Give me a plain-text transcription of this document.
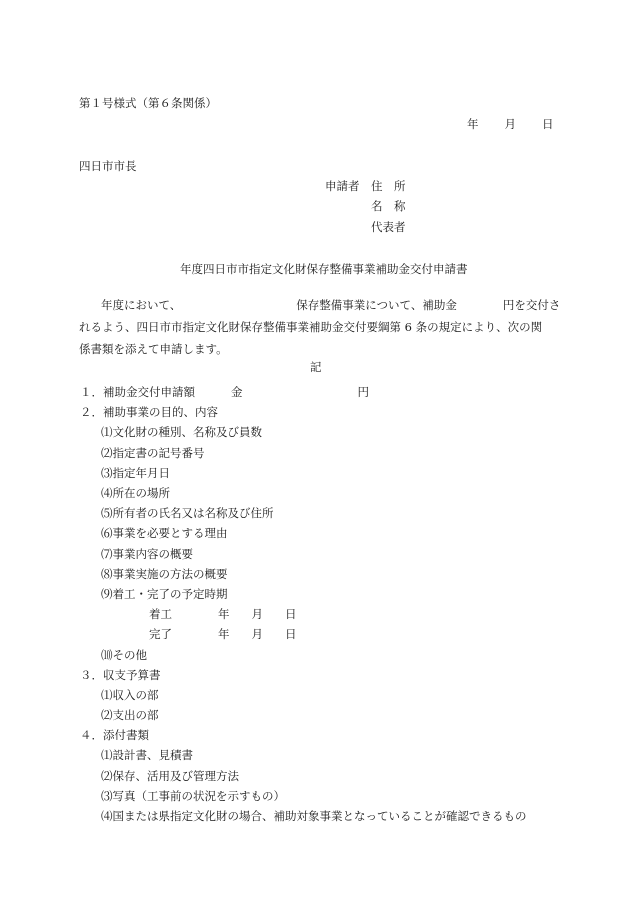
第１号様式（第６条関係）
年 月 日
四日市市長
申請者 住　所
名　称
代表者
年度四日市市指定文化財保存整備事業補助金交付申請書
年度において、	保存整備事業について、補助金	円を交付さ
れるよう、四日市市指定文化財保存整備事業補助金交付要綱第 6 条の規定により、次の関
係書類を添えて申請します。
記
１．補助金交付申請額	金	円
２．補助事業の目的、内容
⑴文化財の種別、名称及び員数
⑵指定書の記号番号
⑶指定年月日
⑷所在の場所
⑸所有者の氏名又は名称及び住所
⑹事業を必要とする理由
⑺事業内容の概要
⑻事業実施の方法の概要
⑼着工・完了の予定時期
着工	年 月 日
完了	年 月 日
⑽その他
３．収支予算書
⑴収入の部
⑵支出の部
４．添付書類
⑴設計書、見積書
⑵保存、活用及び管理方法
⑶写真（工事前の状況を示すもの）
⑷国または県指定文化財の場合、補助対象事業となっていることが確認できるもの
